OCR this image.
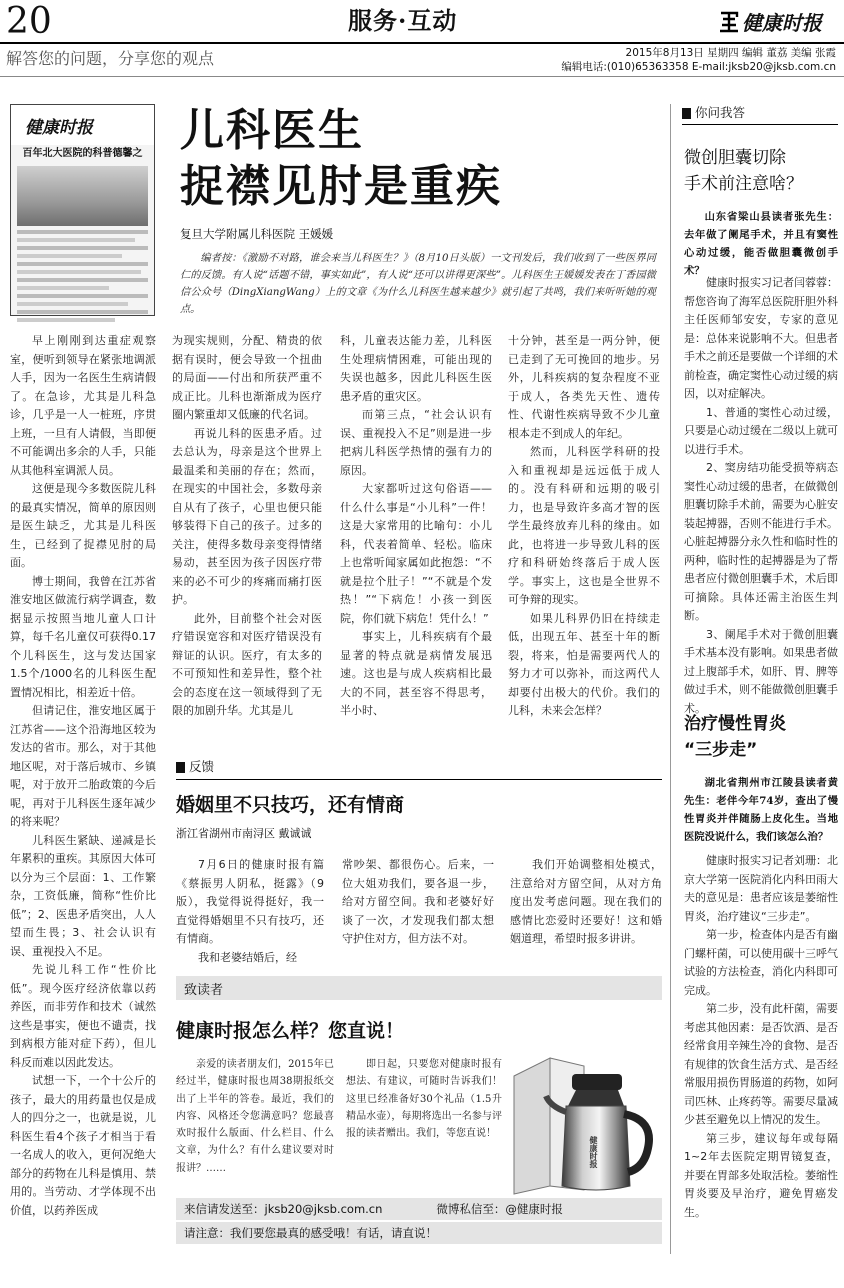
20	服务·互动	健康时报
解答您的问题，分享您的观点	2015年8月13日 星期四 编辑 董荔 美编 张霞
编辑电话:(010)65363358 E-mail:jksb20@jksb.com.cn
健康时报
百年北大医院的科普德馨之 儿科医生
捉襟见肘是重疾
复旦大学附属儿科医院 王媛媛
编者按：《激励不对路，谁会来当儿科医生？》（8月10日头版）一文刊发后，我们收到了一些医界同仁的反馈。有人说“话题不错，事实如此”，有人说“还可以讲得更深些”。儿科医生王媛媛发表在丁香园微信公众号（DingXiangWang）上的文章《为什么儿科医生越来越少》就引起了共鸣，我们来听听她的观点。

早上刚刚到达重症观察室，便听到领导在紧张地调派人手，因为一名医生生病请假了。在急诊，尤其是儿科急诊，几乎是一人一桩班，序贯上班，一旦有人请假，当即便不可能调出多余的人手，只能从其他科室调派人员。

这便是现今多数医院儿科的最真实情况，简单的原因则是医生缺乏，尤其是儿科医生，已经到了捉襟见肘的局面。

博士期间，我曾在江苏省淮安地区做流行病学调查，数据显示按照当地儿童人口计算，每千名儿童仅可获得0.17个儿科医生，这与发达国家1.5个/1000名的儿科医生配置情况相比，相差近十倍。

但请记住，淮安地区属于江苏省——这个沿海地区较为发达的省市。那么，对于其他地区呢，对于落后城市、乡镇呢，对于放开二胎政策的今后呢，再对于儿科医生逐年减少的将来呢？

儿科医生紧缺、递减是长年累积的重疾。其原因大体可以分为三个层面：1、工作繁杂，工资低廉，简称“性价比低”；2、医患矛盾突出，人人望而生畏；3、社会认识有误、重视投入不足。

先说儿科工作“性价比低”。现今医疗经济依靠以药养医，而非劳作和技术（诚然这些是事实，便也不谴责，找到病根方能对症下药），但儿科反而难以因此发达。

试想一下，一个十公斤的孩子，最大的用药量也仅是成人的四分之一，也就是说，儿科医生看4个孩子才相当于看一名成人的收入，更何况绝大部分的药物在儿科是慎用、禁用的。当劳动、才学体现不出价值，以药养医成

为现实规则，分配、精贵的依据有误时，便会导致一个扭曲的局面——付出和所获严重不成正比。儿科也渐渐成为医疗圈内繁重却又低廉的代名词。

再说儿科的医患矛盾。过去总认为，母亲是这个世界上最温柔和美丽的存在；然而，在现实的中国社会，多数母亲自从有了孩子，心里也便只能够装得下自己的孩子。过多的关注，使得多数母亲变得情绪易动，甚至因为孩子因医疗带来的必不可少的疼痛而痛打医护。

此外，目前整个社会对医疗错误宽容和对医疗错误没有辩证的认识。医疗，有太多的不可预知性和差异性，整个社会的态度在这一领域得到了无限的加剧升华。尤其是儿

科，儿童表达能力差，儿科医生处理病情困难，可能出现的失误也越多，因此儿科医生医患矛盾的重灾区。

而第三点，“社会认识有误、重视投入不足”则是进一步把病儿科医学热情的强有力的原因。

大家都听过这句俗语——什么什么事是“小儿科”一件！这是大家常用的比喻句：小儿科，代表着简单、轻松。临床上也常听闻家属如此抱怨：“不就是拉个肚子！”“不就是个发热！”“下病危！小孩一到医院，你们就下病危！凭什么！”

事实上，儿科疾病有个最显著的特点就是病情发展迅速。这也是与成人疾病相比最大的不同，甚至容不得思考，半小时、

十分钟，甚至是一两分钟，便已走到了无可挽回的地步。另外，儿科疾病的复杂程度不亚于成人，各类先天性、遗传性、代谢性疾病导致不少儿童根本走不到成人的年纪。

然而，儿科医学科研的投入和重视却是远远低于成人的。没有科研和远期的吸引力，也是导致许多高才智的医学生最终放弃儿科的缘由。如此，也将进一步导致儿科的医疗和科研始终落后于成人医学。事实上，这也是全世界不可争辩的现实。

如果儿科界仍旧在持续走低，出现五年、甚至十年的断裂，将来，怕是需要两代人的努力才可以弥补，而这两代人却要付出极大的代价。我们的儿科，未来会怎样？

反馈
婚姻里不只技巧，还有情商
浙江省湖州市南浔区 戴诚诚

7月6日的健康时报有篇《蔡振男人阴私，挺露》（9版），我觉得说得挺好，我一直觉得婚姻里不只有技巧，还有情商。

我和老婆结婚后，经

常吵架、都很伤心。后来，一位大姐劝我们，要各退一步，给对方留空间。我和老婆好好谈了一次，才发现我们都太想守护住对方，但方法不对。

我们开始调整相处模式，注意给对方留空间，从对方角度出发考虑问题。现在我们的感情比恋爱时还要好！这和婚姻道理，希望时报多讲讲。

致读者
健康时报怎么样？您直说！
亲爱的读者朋友们，2015年已经过半，健康时报也周38期报纸交出了上半年的答卷。最近，我们的内容、风格还令您满意吗？您最喜欢时报什么版面、什么栏目、什么文章，为什么？有什么建议要对时报讲？……
即日起，只要您对健康时报有想法、有建议，可随时告诉我们！这里已经准备好30个礼品（1.5升精品水壶），每期将选出一名参与评报的读者赠出。我们，等您直说！
健康时报
来信请发送至： jksb20@jksb.com.cn	微博私信至： @健康时报
请注意：我们要您最真的感受哦！有话，请直说！
你问我答
微创胆囊切除
手术前注意啥？
山东省梁山县读者张先生：去年做了阑尾手术，并且有窦性心动过缓，能否做胆囊微创手术？

健康时报实习记者闫蓉蓉：帮您咨询了海军总医院肝胆外科主任医师邹安安，专家的意见是：总体来说影响不大。但患者手术之前还是要做一个详细的术前检查，确定窦性心动过缓的病因，以对症解决。

1、普通的窦性心动过缓，只要是心动过缓在二级以上就可以进行手术。

2、窦房结功能受损等病态窦性心动过缓的患者，在做微创胆囊切除手术前，需要为心脏安装起搏器，否则不能进行手术。心脏起搏器分永久性和临时性的两种，临时性的起搏器是为了帮患者应付微创胆囊手术，术后即可摘除。具体还需主治医生判断。

3、阑尾手术对于微创胆囊手术基本没有影响。如果患者做过上腹部手术，如肝、胃、脾等做过手术，则不能做微创胆囊手术。

治疗慢性胃炎
“三步走”
湖北省荆州市江陵县读者黄先生：老伴今年74岁，查出了慢性胃炎并伴随肠上皮化生。当地医院没说什么，我们该怎么治？

健康时报实习记者刘珊：北京大学第一医院消化内科田雨大夫的意见是：患者应该是萎缩性胃炎，治疗建议“三步走”。

第一步，检查体内是否有幽门螺杆菌，可以使用碳十三呼气试验的方法检查，消化内科即可完成。

第二步，没有此杆菌，需要考虑其他因素：是否饮酒、是否经常食用辛辣生冷的食物、是否有规律的饮食生活方式、是否经常服用损伤胃肠道的药物，如阿司匹林、止疼药等。需要尽量减少甚至避免以上情况的发生。

第三步，建议每年或每隔1~2年去医院定期胃镜复查，并要在胃部多处取活检。萎缩性胃炎要及早治疗，避免胃癌发生。
